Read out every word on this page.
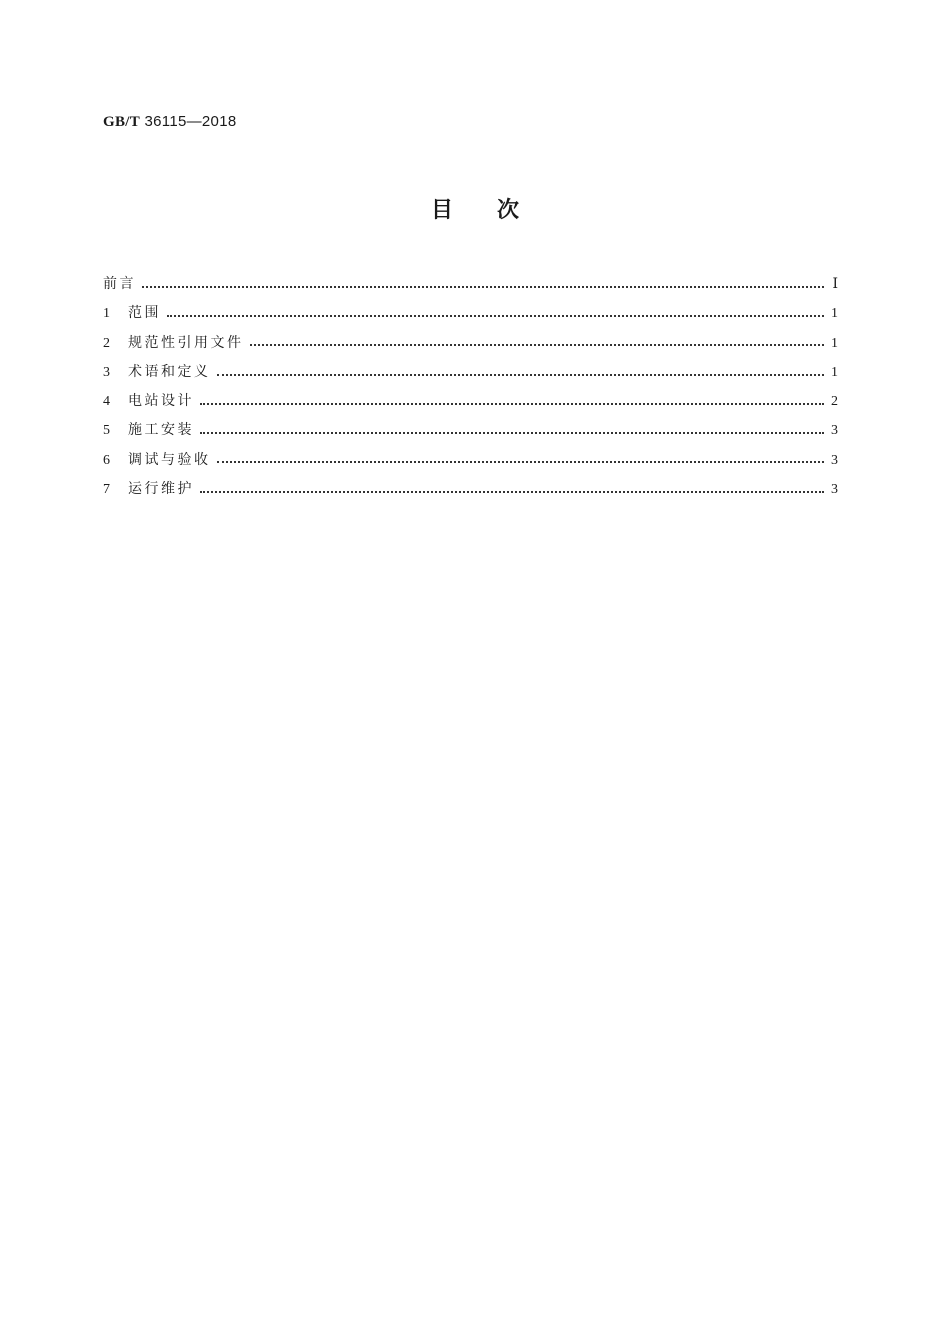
GB/T 36115—2018
目次
前言	Ⅰ
1	范围	1
2	规范性引用文件	1
3	术语和定义	1
4	电站设计	2
5	施工安装	3
6	调试与验收	3
7	运行维护	3
